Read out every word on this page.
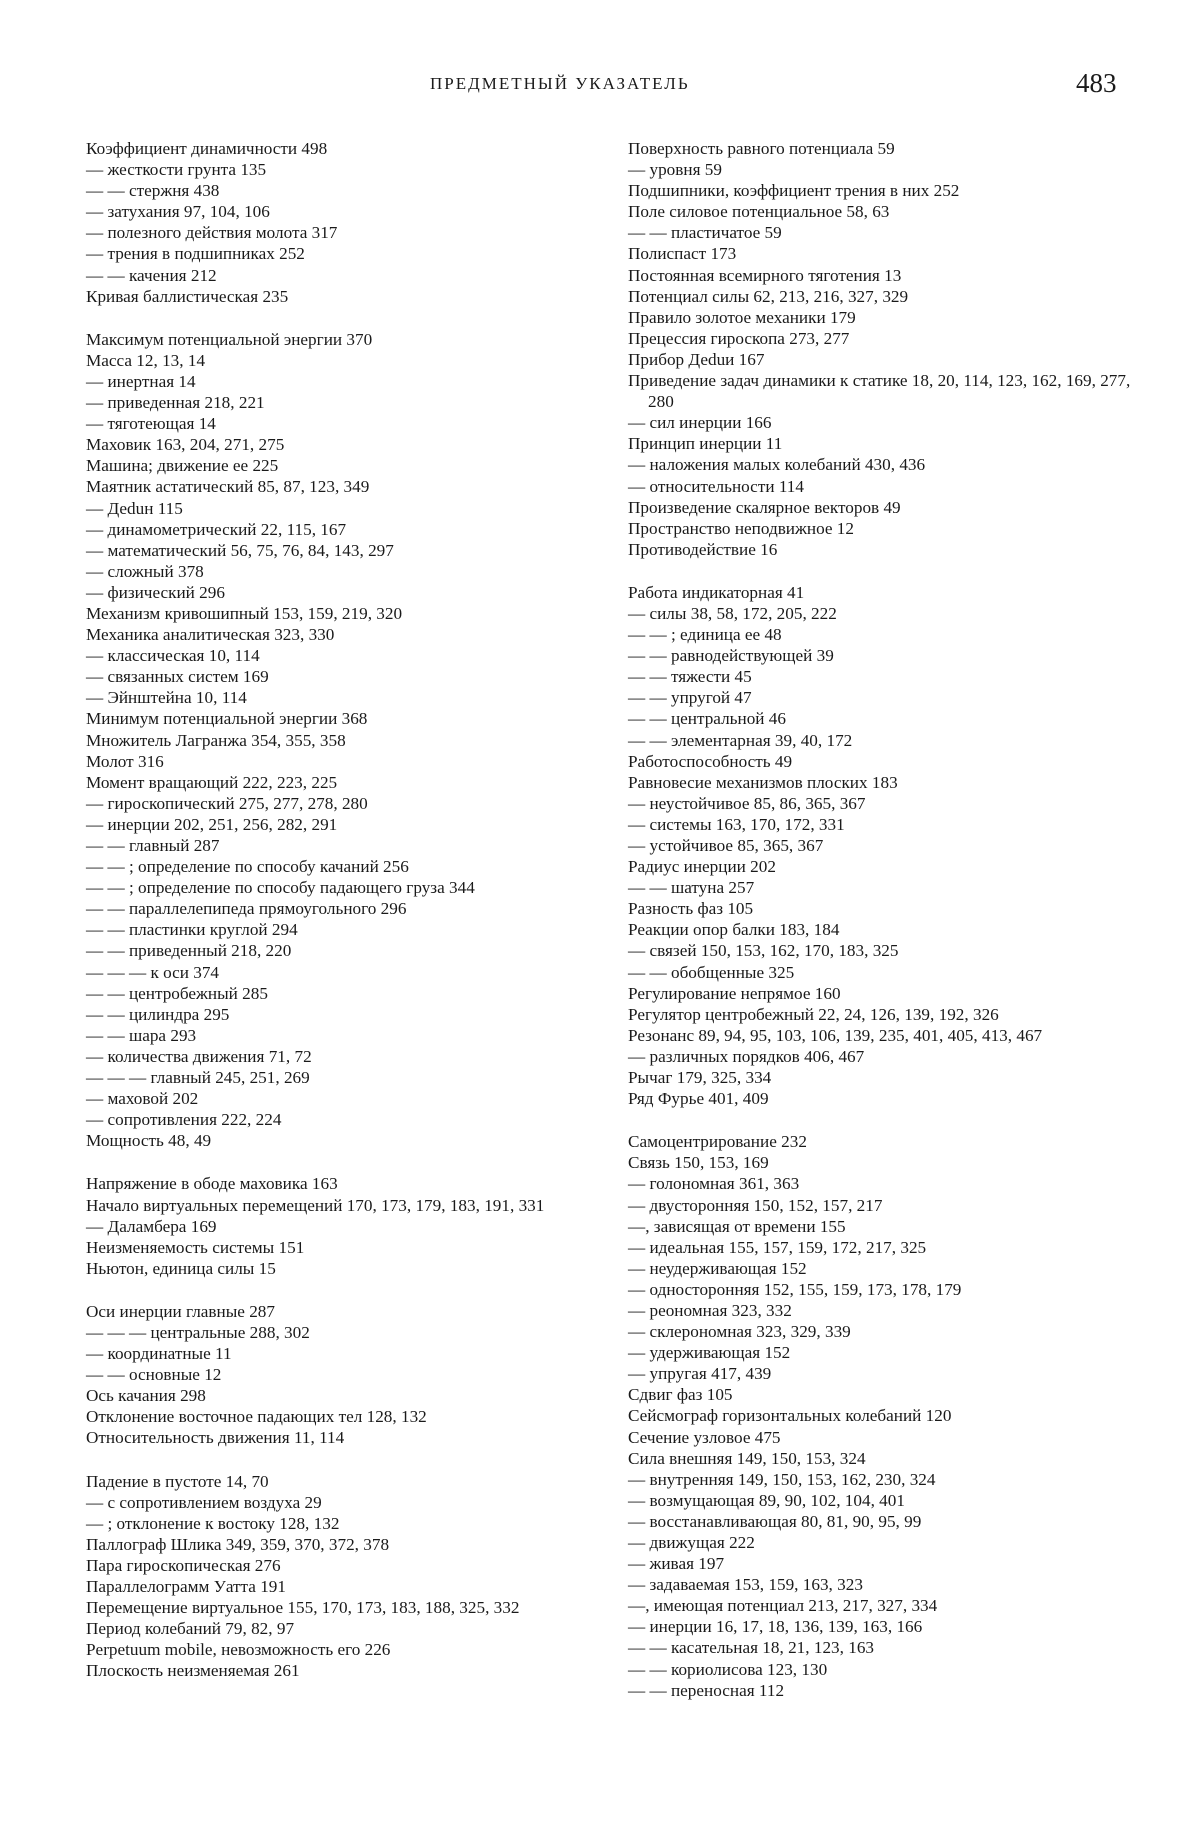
ПРЕДМЕТНЫЙ УКАЗАТЕЛЬ	483
Коэффициент динамичности 498
— жесткости грунта 135
— — стержня 438
— затухания 97, 104, 106
— полезного действия молота 317
— трения в подшипниках 252
— — качения 212
Кривая баллистическая 235
Максимум потенциальной энергии 370
Масса 12, 13, 14
— инертная 14
— приведенная 218, 221
— тяготеющая 14
Маховик 163, 204, 271, 275
Машина; движение ее 225
Маятник астатический 85, 87, 123, 349
— Деduн 115
— динамометрический 22, 115, 167
— математический 56, 75, 76, 84, 143, 297
— сложный 378
— физический 296
Механизм кривошипный 153, 159, 219, 320
Механика аналитическая 323, 330
— классическая 10, 114
— связанных систем 169
— Эйнштейна 10, 114
Минимум потенциальной энергии 368
Множитель Лагранжа 354, 355, 358
Молот 316
Момент вращающий 222, 223, 225
— гироскопический 275, 277, 278, 280
— инерции 202, 251, 256, 282, 291
— — главный 287
— — ; определение по способу качаний 256
— — ; определение по способу падающего груза 344
— — параллелепипеда прямоугольного 296
— — пластинки круглой 294
— — приведенный 218, 220
— — — к оси 374
— — центробежный 285
— — цилиндра 295
— — шара 293
— количества движения 71, 72
— — — главный 245, 251, 269
— маховой 202
— сопротивления 222, 224
Мощность 48, 49
Напряжение в ободе маховика 163
Начало виртуальных перемещений 170, 173, 179, 183, 191, 331
— Даламбера 169
Неизменяемость системы 151
Ньютон, единица силы 15
Оси инерции главные 287
— — — центральные 288, 302
— координатные 11
— — основные 12
Ось качания 298
Отклонение восточное падающих тел 128, 132
Относительность движения 11, 114
Падение в пустоте 14, 70
— с сопротивлением воздуха 29
— ; отклонение к востоку 128, 132
Паллограф Шлика 349, 359, 370, 372, 378
Пара гироскопическая 276
Параллелограмм Уатта 191
Перемещение виртуальное 155, 170, 173, 183, 188, 325, 332
Период колебаний 79, 82, 97
Perpetuum mobile, невозможность его 226
Плоскость неизменяемая 261
Поверхность равного потенциала 59
— уровня 59
Подшипники, коэффициент трения в них 252
Поле силовое потенциальное 58, 63
— — пластичатое 59
Полиспаст 173
Постоянная всемирного тяготения 13
Потенциал силы 62, 213, 216, 327, 329
Правило золотое механики 179
Прецессия гироскопа 273, 277
Прибор Деduи 167
Приведение задач динамики к статике 18, 20, 114, 123, 162, 169, 277, 280
— сил инерции 166
Принцип инерции 11
— наложения малых колебаний 430, 436
— относительности 114
Произведение скалярное векторов 49
Пространство неподвижное 12
Противодействие 16
Работа индикаторная 41
— силы 38, 58, 172, 205, 222
— — ; единица ее 48
— — равнодействующей 39
— — тяжести 45
— — упругой 47
— — центральной 46
— — элементарная 39, 40, 172
Работоспособность 49
Равновесие механизмов плоских 183
— неустойчивое 85, 86, 365, 367
— системы 163, 170, 172, 331
— устойчивое 85, 365, 367
Радиус инерции 202
— — шатуна 257
Разность фаз 105
Реакции опор балки 183, 184
— связей 150, 153, 162, 170, 183, 325
— — обобщенные 325
Регулирование непрямое 160
Регулятор центробежный 22, 24, 126, 139, 192, 326
Резонанс 89, 94, 95, 103, 106, 139, 235, 401, 405, 413, 467
— различных порядков 406, 467
Рычаг 179, 325, 334
Ряд Фурье 401, 409
Самоцентрирование 232
Связь 150, 153, 169
— голономная 361, 363
— двусторонняя 150, 152, 157, 217
—, зависящая от времени 155
— идеальная 155, 157, 159, 172, 217, 325
— неудерживающая 152
— односторонняя 152, 155, 159, 173, 178, 179
— реономная 323, 332
— склерономная 323, 329, 339
— удерживающая 152
— упругая 417, 439
Сдвиг фаз 105
Сейсмограф горизонтальных колебаний 120
Сечение узловое 475
Сила внешняя 149, 150, 153, 324
— внутренняя 149, 150, 153, 162, 230, 324
— возмущающая 89, 90, 102, 104, 401
— восстанавливающая 80, 81, 90, 95, 99
— движущая 222
— живая 197
— задаваемая 153, 159, 163, 323
—, имеющая потенциал 213, 217, 327, 334
— инерции 16, 17, 18, 136, 139, 163, 166
— — касательная 18, 21, 123, 163
— — кориолисова 123, 130
— — переносная 112
